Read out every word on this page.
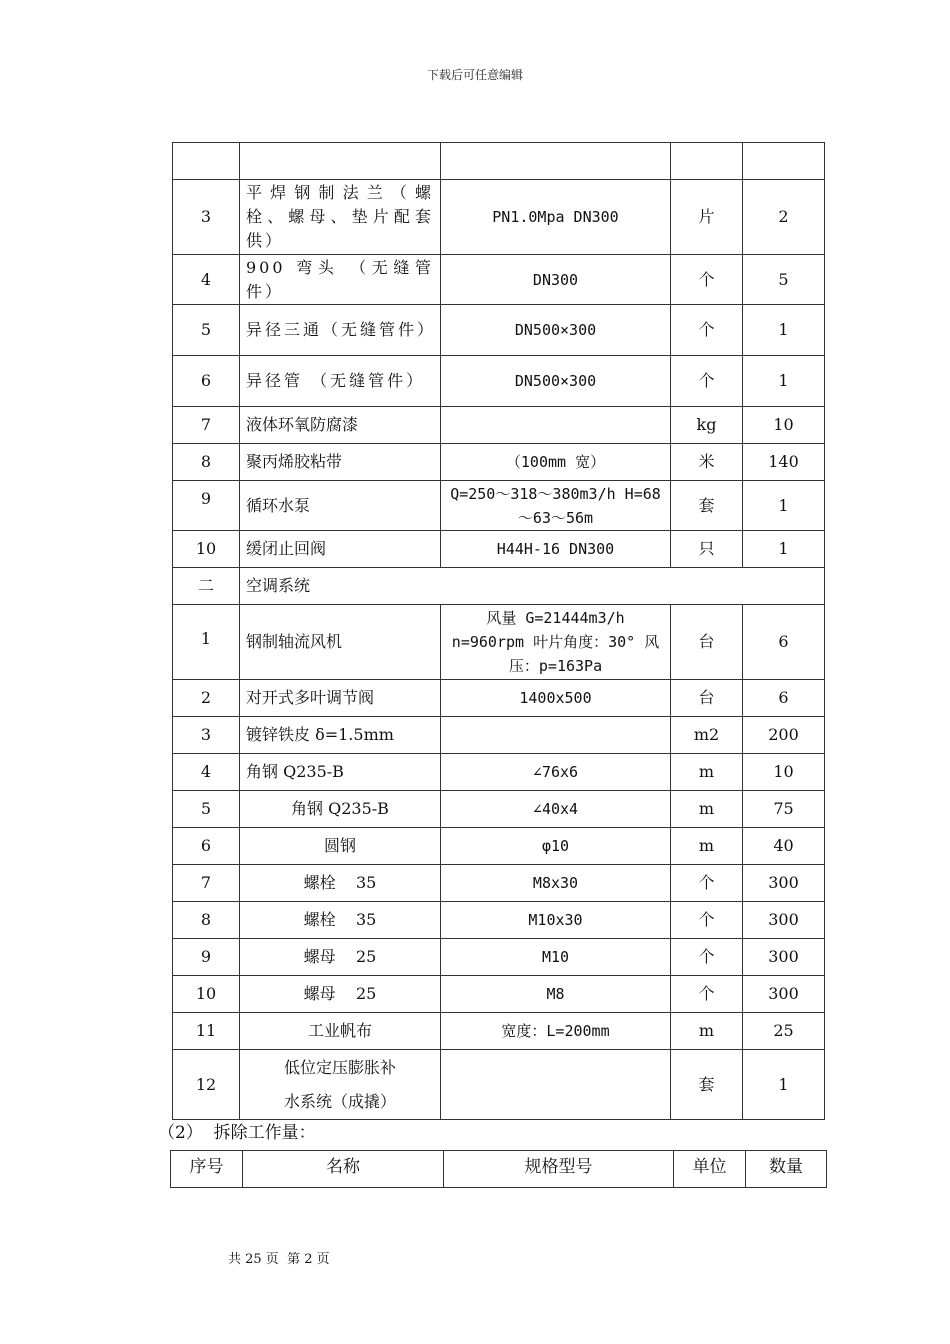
下载后可任意编辑

3	平焊钢制法兰（螺栓、螺母、垫片配套供）	PN1.0Mpa DN300	片	2
4	900 弯头 （无缝管件）	DN300	个	5
5	异径三通（无缝管件）	DN500×300	个	1
6	异径管 （无缝管件）	DN500×300	个	1
7	液体环氧防腐漆		kg	10
8	聚丙烯胶粘带	（100mm 宽）	米	140
9	循环水泵	Q=250～318～380m3/h H=68～63～56m	套	1
10	缓闭止回阀	H44H-16 DN300	只	1
二	空调系统			
1	钢制轴流风机	风量 G=21444m3/h n=960rpm 叶片角度：30° 风压：p=163Pa	台	6
2	对开式多叶调节阀	1400x500	台	6
3	镀锌铁皮 δ=1.5mm		m2	200
4	角钢 Q235-B	∠76x6	m	10
5	角钢 Q235-B	∠40x4	m	75
6	圆钢	φ10	m	40
7	螺栓    35	M8x30	个	300
8	螺栓    35	M10x30	个	300
9	螺母    25	M10	个	300
10	螺母    25	M8	个	300
11	工业帆布	宽度：L=200mm	m	25
12	低位定压膨胀补水系统（成撬）		套	1
（2）  拆除工作量：
序号	名称	规格型号	单位	数量
共 25 页  第 2 页
